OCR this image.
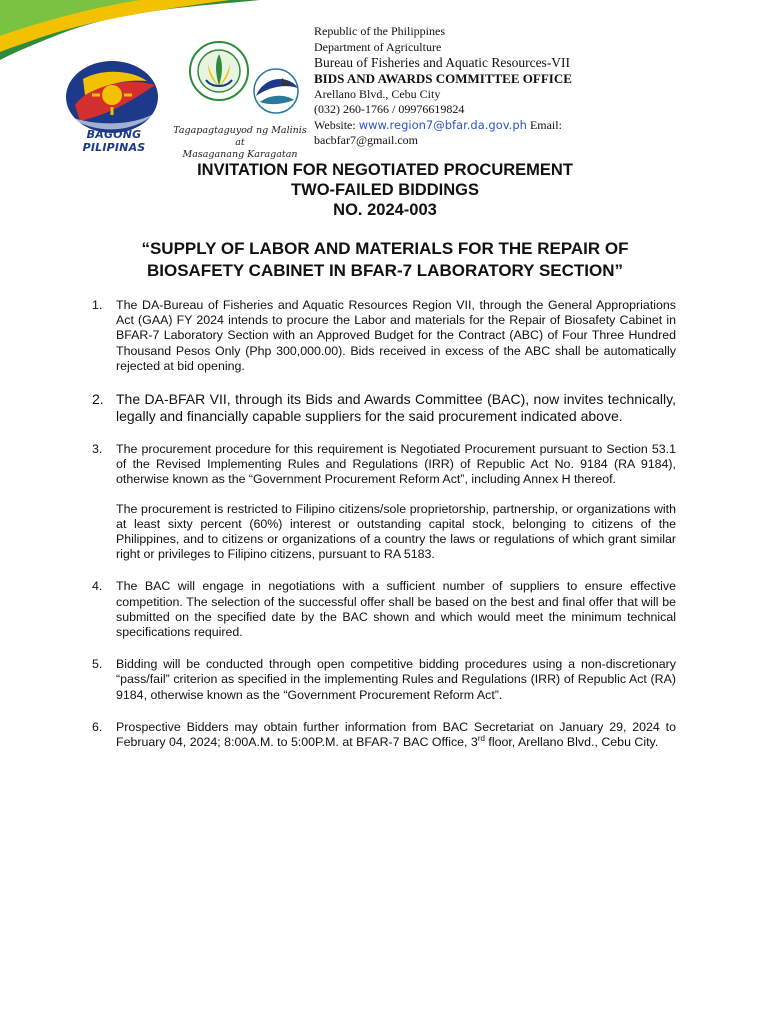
BAGONG PILIPINAS
Tagapagtaguyod ng Malinis at
Masaganang Karagatan
Republic of the Philippines
Department of Agriculture
Bureau of Fisheries and Aquatic Resources-VII
BIDS AND AWARDS COMMITTEE OFFICE
Arellano Blvd., Cebu City
(032) 260-1766 / 09976619824
Website: www.region7@bfar.da.gov.ph Email:
bacbfar7@gmail.com
INVITATION FOR NEGOTIATED PROCUREMENT
TWO-FAILED BIDDINGS
NO. 2024-003
“SUPPLY OF LABOR AND MATERIALS FOR THE REPAIR OF
BIOSAFETY CABINET IN BFAR-7 LABORATORY SECTION”
1. The DA-Bureau of Fisheries and Aquatic Resources Region VII, through the General Appropriations Act (GAA) FY 2024 intends to procure the Labor and materials for the Repair of Biosafety Cabinet in BFAR-7 Laboratory Section with an Approved Budget for the Contract (ABC) of Four Three Hundred Thousand Pesos Only (Php 300,000.00). Bids received in excess of the ABC shall be automatically rejected at bid opening.

2. The DA-BFAR VII, through its Bids and Awards Committee (BAC), now invites technically, legally and financially capable suppliers for the said procurement indicated above.

3. The procurement procedure for this requirement is Negotiated Procurement pursuant to Section 53.1 of the Revised Implementing Rules and Regulations (IRR) of Republic Act No. 9184 (RA 9184), otherwise known as the “Government Procurement Reform Act”, including Annex H thereof.

The procurement is restricted to Filipino citizens/sole proprietorship, partnership, or organizations with at least sixty percent (60%) interest or outstanding capital stock, belonging to citizens of the Philippines, and to citizens or organizations of a country the laws or regulations of which grant similar right or privileges to Filipino citizens, pursuant to RA 5183.

4. The BAC will engage in negotiations with a sufficient number of suppliers to ensure effective competition. The selection of the successful offer shall be based on the best and final offer that will be submitted on the specified date by the BAC shown and which would meet the minimum technical specifications required.

5. Bidding will be conducted through open competitive bidding procedures using a non-discretionary “pass/fail” criterion as specified in the implementing Rules and Regulations (IRR) of Republic Act (RA) 9184, otherwise known as the “Government Procurement Reform Act”.

6. Prospective Bidders may obtain further information from BAC Secretariat on January 29, 2024 to February 04, 2024; 8:00A.M. to 5:00P.M. at BFAR-7 BAC Office, 3rd floor, Arellano Blvd., Cebu City.
